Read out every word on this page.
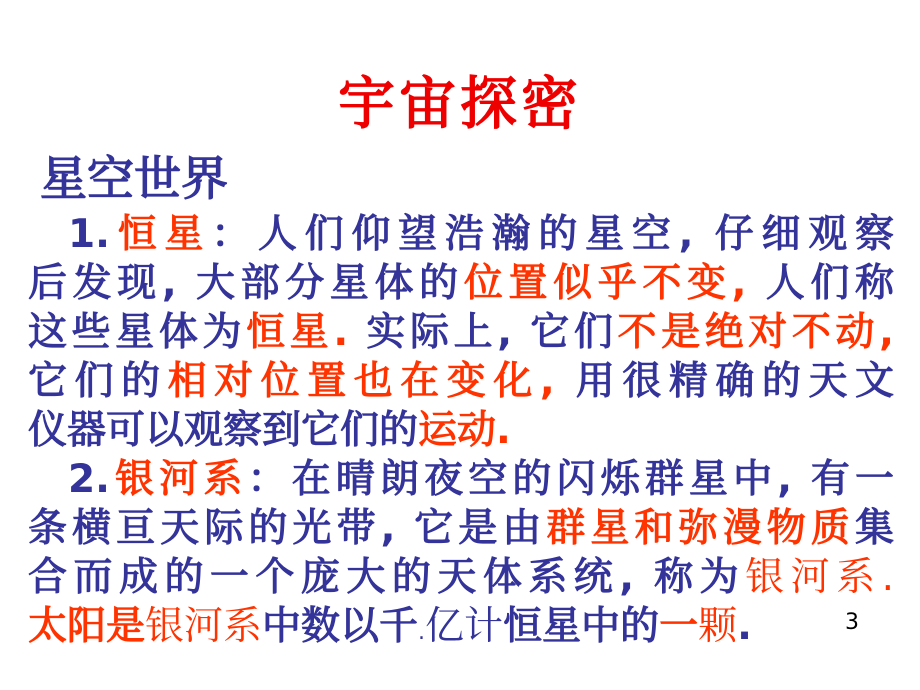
宇宙探密
星空世界
1.恒星：人们仰望浩瀚的星空, 仔细观察
后发现, 大部分星体的位置似乎不变, 人们称
这些星体为恒星. 实际上, 它们不是绝对不动,
它们的相对位置也在变化, 用很精确的天文
仪器可以观察到它们的运动.
2.银河系：在晴朗夜空的闪烁群星中, 有一
条横亘天际的光带, 它是由群星和弥漫物质集
合而成的一个庞大的天体系统, 称为银河系.
太阳是银河系中数以千.亿计恒星中的一颗.	3
